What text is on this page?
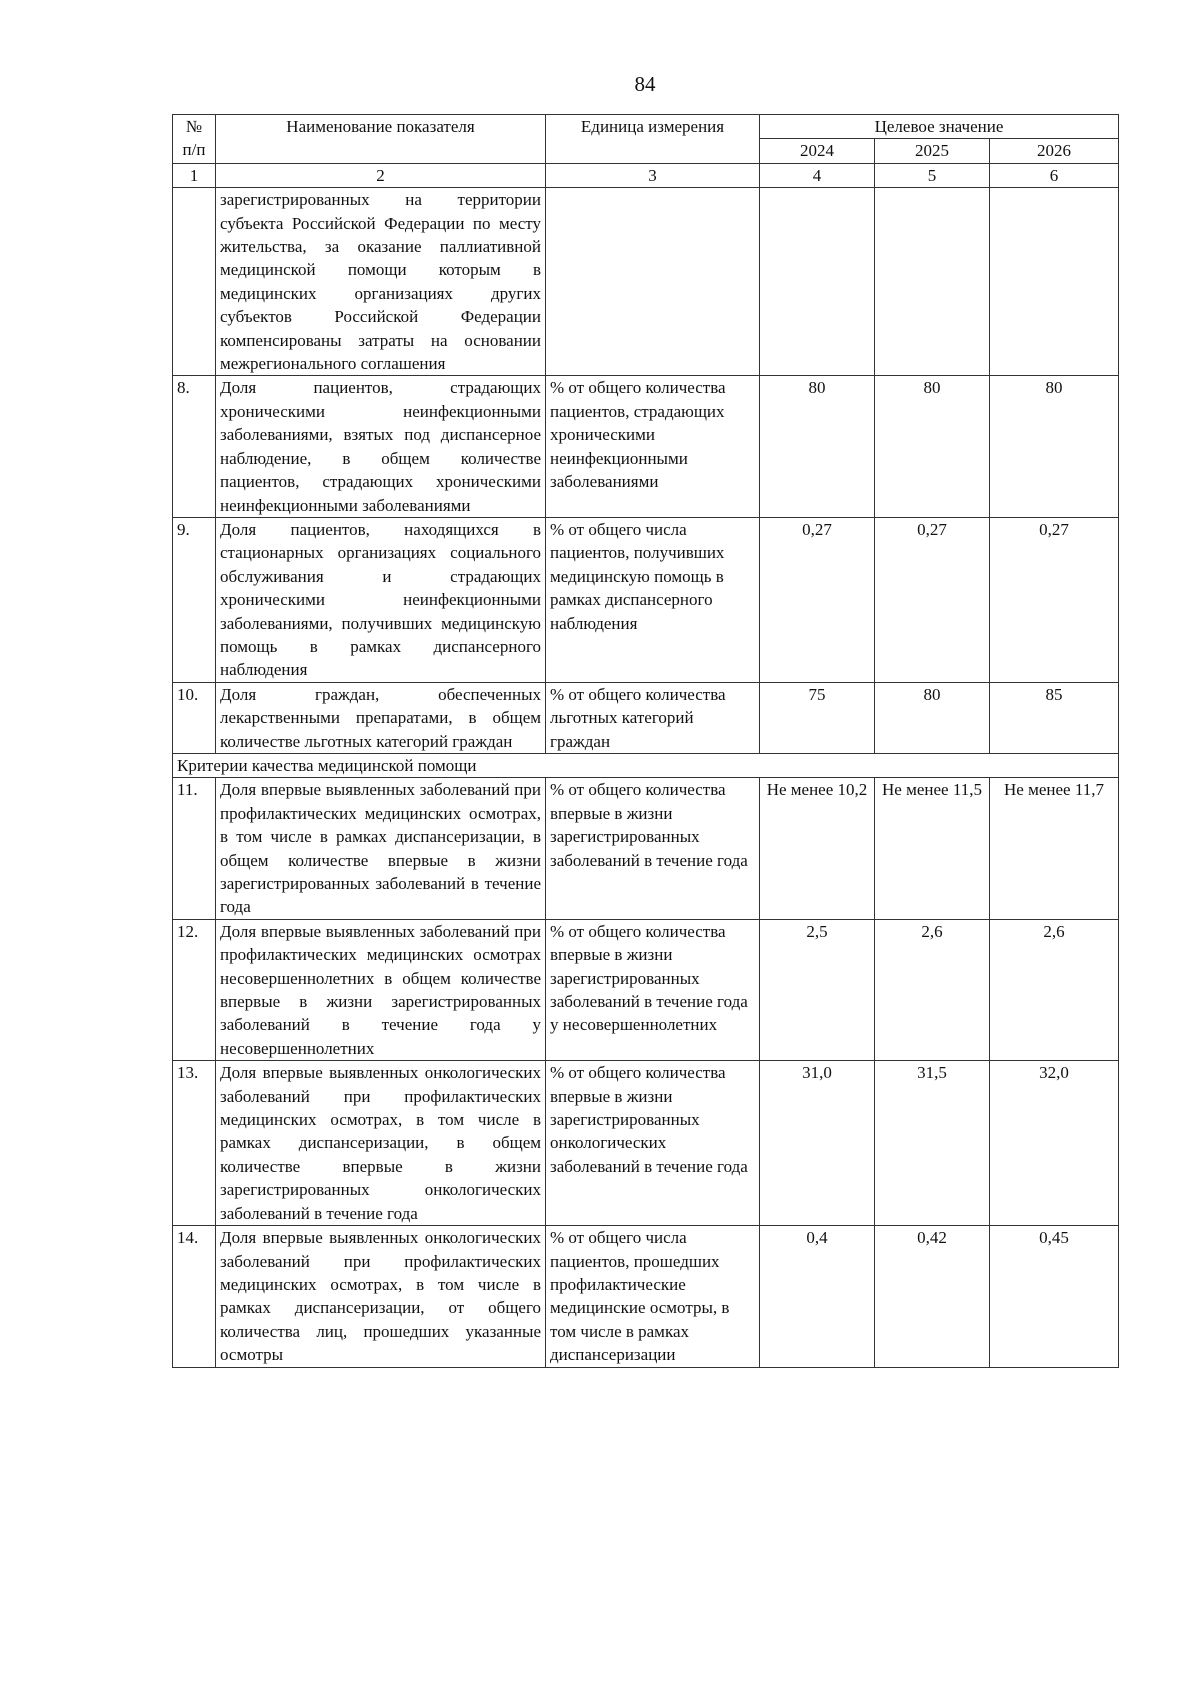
84
№ п/п	Наименование показателя	Единица измерения	Целевое значение		
			2024	2025	2026
1	2	3	4	5	6
	зарегистрированных на территории субъекта Российской Федерации по месту жительства, за оказание паллиативной медицинской помощи которым в медицинских организациях других субъектов Российской Федерации компенсированы затраты на основании межрегионального соглашения				
8.	Доля пациентов, страдающих хроническими неинфекционными заболеваниями, взятых под диспансерное наблюдение, в общем количестве пациентов, страдающих хроническими неинфекционными заболеваниями	% от общего количества пациентов, страдающих хроническими неинфекционными заболеваниями	80	80	80
9.	Доля пациентов, находящихся в стационарных организациях социального обслуживания и страдающих хроническими неинфекционными заболеваниями, получивших медицинскую помощь в рамках диспансерного наблюдения	% от общего числа пациентов, получивших медицинскую помощь в рамках диспансерного наблюдения	0,27	0,27	0,27
10.	Доля граждан, обеспеченных лекарственными препаратами, в общем количестве льготных категорий граждан	% от общего количества льготных категорий граждан	75	80	85
Критерии качества медицинской помощи					
11.	Доля впервые выявленных заболеваний при профилактических медицинских осмотрах, в том числе в рамках диспансеризации, в общем количестве впервые в жизни зарегистрированных заболеваний в течение года	% от общего количества впервые в жизни зарегистрированных заболеваний в течение года	Не менее 10,2	Не менее 11,5	Не менее 11,7
12.	Доля впервые выявленных заболеваний при профилактических медицинских осмотрах несовершеннолетних в общем количестве впервые в жизни зарегистрированных заболеваний в течение года у несовершеннолетних	% от общего количества впервые в жизни зарегистрированных заболеваний в течение года у несовершеннолетних	2,5	2,6	2,6
13.	Доля впервые выявленных онкологических заболеваний при профилактических медицинских осмотрах, в том числе в рамках диспансеризации, в общем количестве впервые в жизни зарегистрированных онкологических заболеваний в течение года	% от общего количества впервые в жизни зарегистрированных онкологических заболеваний в течение года	31,0	31,5	32,0
14.	Доля впервые выявленных онкологических заболеваний при профилактических медицинских осмотрах, в том числе в рамках диспансеризации, от общего количества лиц, прошедших указанные осмотры	% от общего числа пациентов, прошедших профилактические медицинские осмотры, в том числе в рамках диспансеризации	0,4	0,42	0,45
